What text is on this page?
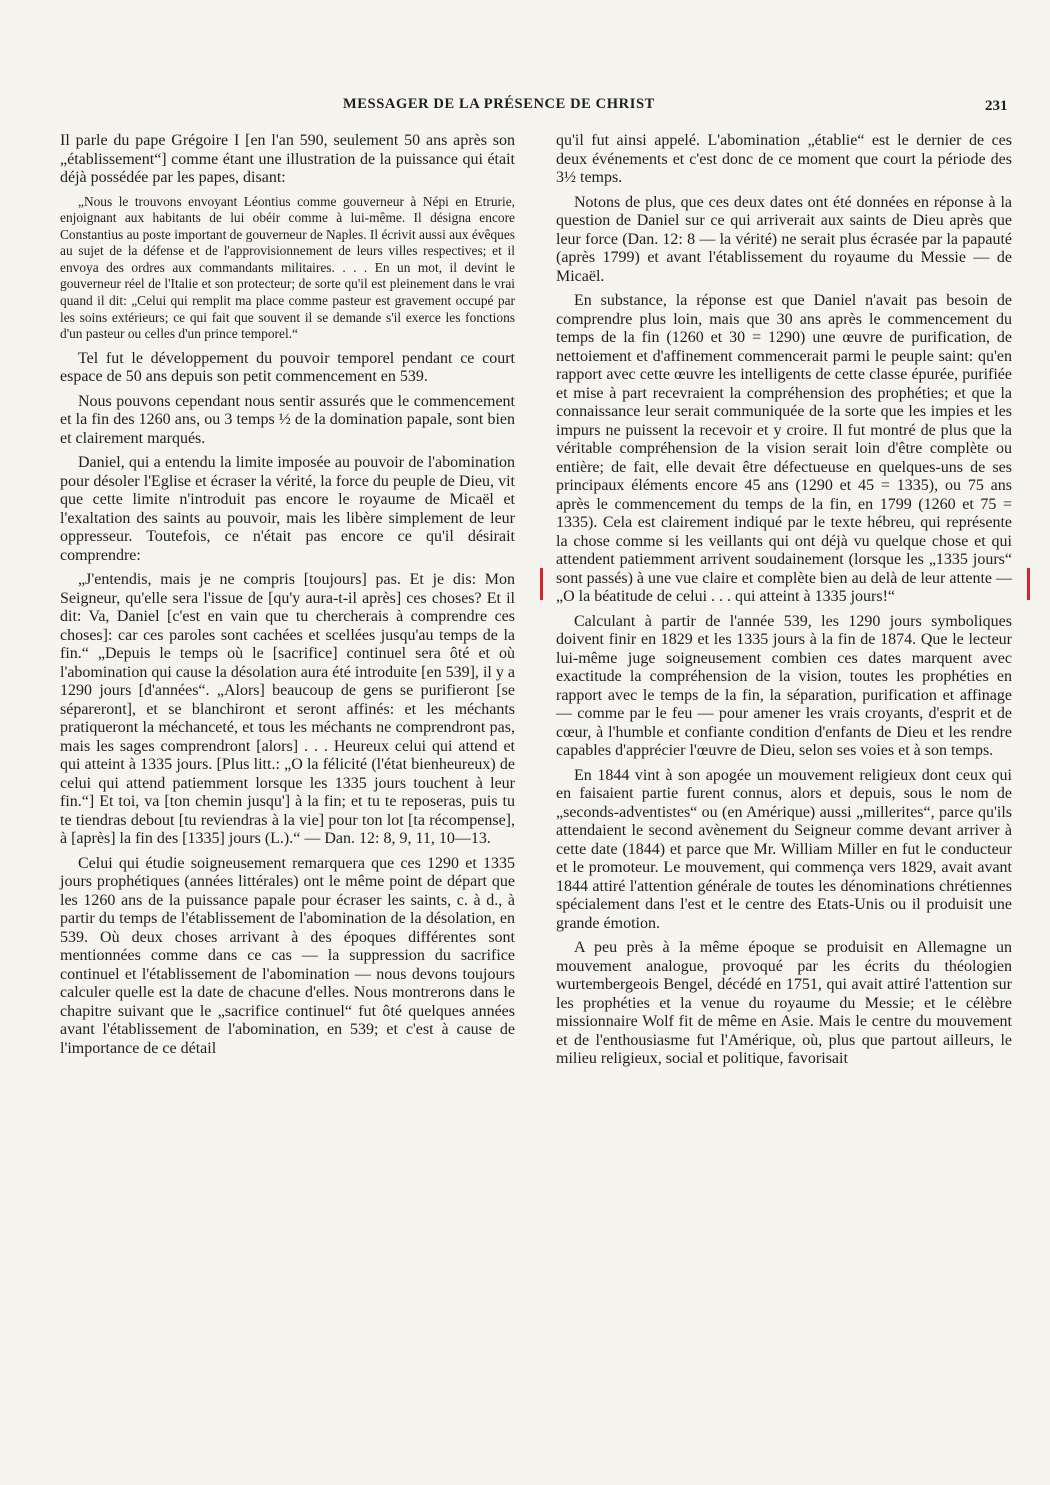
MESSAGER DE LA PRÉSENCE DE CHRIST	231

Il parle du pape Grégoire I [en l'an 590, seulement 50 ans après son „établissement“] comme étant une illustration de la puissance qui était déjà possédée par les papes, disant:

„Nous le trouvons envoyant Léontius comme gouverneur à Népi en Etrurie, enjoignant aux habitants de lui obéir comme à lui-même. Il désigna encore Constantius au poste important de gouverneur de Naples. Il écrivit aussi aux évêques au sujet de la défense et de l'approvisionnement de leurs villes respectives; et il envoya des ordres aux commandants militaires. . . . En un mot, il devint le gouverneur réel de l'Italie et son protecteur; de sorte qu'il est pleinement dans le vrai quand il dit: „Celui qui remplit ma place comme pasteur est gravement occupé par les soins extérieurs; ce qui fait que souvent il se demande s'il exerce les fonctions d'un pasteur ou celles d'un prince temporel.“

Tel fut le développement du pouvoir temporel pendant ce court espace de 50 ans depuis son petit commencement en 539.

Nous pouvons cependant nous sentir assurés que le commencement et la fin des 1260 ans, ou 3 temps ½ de la domination papale, sont bien et clairement marqués.

Daniel, qui a entendu la limite imposée au pouvoir de l'abomination pour désoler l'Eglise et écraser la vérité, la force du peuple de Dieu, vit que cette limite n'introduit pas encore le royaume de Micaël et l'exaltation des saints au pouvoir, mais les libère simplement de leur oppresseur. Toutefois, ce n'était pas encore ce qu'il désirait comprendre:

„J'entendis, mais je ne compris [toujours] pas. Et je dis: Mon Seigneur, qu'elle sera l'issue de [qu'y aura-t-il après] ces choses? Et il dit: Va, Daniel [c'est en vain que tu chercherais à comprendre ces choses]: car ces paroles sont cachées et scellées jusqu'au temps de la fin.“ „Depuis le temps où le [sacrifice] continuel sera ôté et où l'abomination qui cause la désolation aura été introduite [en 539], il y a 1290 jours [d'années“. „Alors] beaucoup de gens se purifieront [se sépareront], et se blanchiront et seront affinés: et les méchants pratiqueront la méchanceté, et tous les méchants ne comprendront pas, mais les sages comprendront [alors] . . . Heureux celui qui attend et qui atteint à 1335 jours. [Plus litt.: „O la félicité (l'état bienheureux) de celui qui attend patiemment lorsque les 1335 jours touchent à leur fin.“] Et toi, va [ton chemin jusqu'] à la fin; et tu te reposeras, puis tu te tiendras debout [tu reviendras à la vie] pour ton lot [ta récompense], à [après] la fin des [1335] jours (L.).“ — Dan. 12: 8, 9, 11, 10—13.

Celui qui étudie soigneusement remarquera que ces 1290 et 1335 jours prophétiques (années littérales) ont le même point de départ que les 1260 ans de la puissance papale pour écraser les saints, c. à d., à partir du temps de l'établissement de l'abomination de la désolation, en 539. Où deux choses arrivant à des époques différentes sont mentionnées comme dans ce cas — la suppression du sacrifice continuel et l'établissement de l'abomination — nous devons toujours calculer quelle est la date de chacune d'elles. Nous montrerons dans le chapitre suivant que le „sacrifice continuel“ fut ôté quelques années avant l'établissement de l'abomination, en 539; et c'est à cause de l'importance de ce détail

qu'il fut ainsi appelé. L'abomination „établie“ est le dernier de ces deux événements et c'est donc de ce moment que court la période des 3½ temps.

Notons de plus, que ces deux dates ont été données en réponse à la question de Daniel sur ce qui arriverait aux saints de Dieu après que leur force (Dan. 12: 8 — la vérité) ne serait plus écrasée par la papauté (après 1799) et avant l'établissement du royaume du Messie — de Micaël.

En substance, la réponse est que Daniel n'avait pas besoin de comprendre plus loin, mais que 30 ans après le commencement du temps de la fin (1260 et 30 = 1290) une œuvre de purification, de nettoiement et d'affinement commencerait parmi le peuple saint: qu'en rapport avec cette œuvre les intelligents de cette classe épurée, purifiée et mise à part recevraient la compréhension des prophéties; et que la connaissance leur serait communiquée de la sorte que les impies et les impurs ne puissent la recevoir et y croire. Il fut montré de plus que la véritable compréhension de la vision serait loin d'être complète ou entière; de fait, elle devait être défectueuse en quelques-uns de ses principaux éléments encore 45 ans (1290 et 45 = 1335), ou 75 ans après le commencement du temps de la fin, en 1799 (1260 et 75 = 1335). Cela est clairement indiqué par le texte hébreu, qui représente la chose comme si les veillants qui ont déjà vu quelque chose et qui attendent patiemment arrivent soudainement (lorsque les „1335 jours“ sont passés) à une vue claire et complète bien au delà de leur attente — „O la béatitude de celui . . . qui atteint à 1335 jours!“

Calculant à partir de l'année 539, les 1290 jours symboliques doivent finir en 1829 et les 1335 jours à la fin de 1874. Que le lecteur lui-même juge soigneusement combien ces dates marquent avec exactitude la compréhension de la vision, toutes les prophéties en rapport avec le temps de la fin, la séparation, purification et affinage — comme par le feu — pour amener les vrais croyants, d'esprit et de cœur, à l'humble et confiante condition d'enfants de Dieu et les rendre capables d'apprécier l'œuvre de Dieu, selon ses voies et à son temps.

En 1844 vint à son apogée un mouvement religieux dont ceux qui en faisaient partie furent connus, alors et depuis, sous le nom de „seconds-adventistes“ ou (en Amérique) aussi „millerites“, parce qu'ils attendaient le second avènement du Seigneur comme devant arriver à cette date (1844) et parce que Mr. William Miller en fut le conducteur et le promoteur. Le mouvement, qui commença vers 1829, avait avant 1844 attiré l'attention générale de toutes les dénominations chrétiennes spécialement dans l'est et le centre des Etats-Unis ou il produisit une grande émotion.

A peu près à la même époque se produisit en Allemagne un mouvement analogue, provoqué par les écrits du théologien wurtembergeois Bengel, décédé en 1751, qui avait attiré l'attention sur les prophéties et la venue du royaume du Messie; et le célèbre missionnaire Wolf fit de même en Asie. Mais le centre du mouvement et de l'enthousiasme fut l'Amérique, où, plus que partout ailleurs, le milieu religieux, social et politique, favorisait
